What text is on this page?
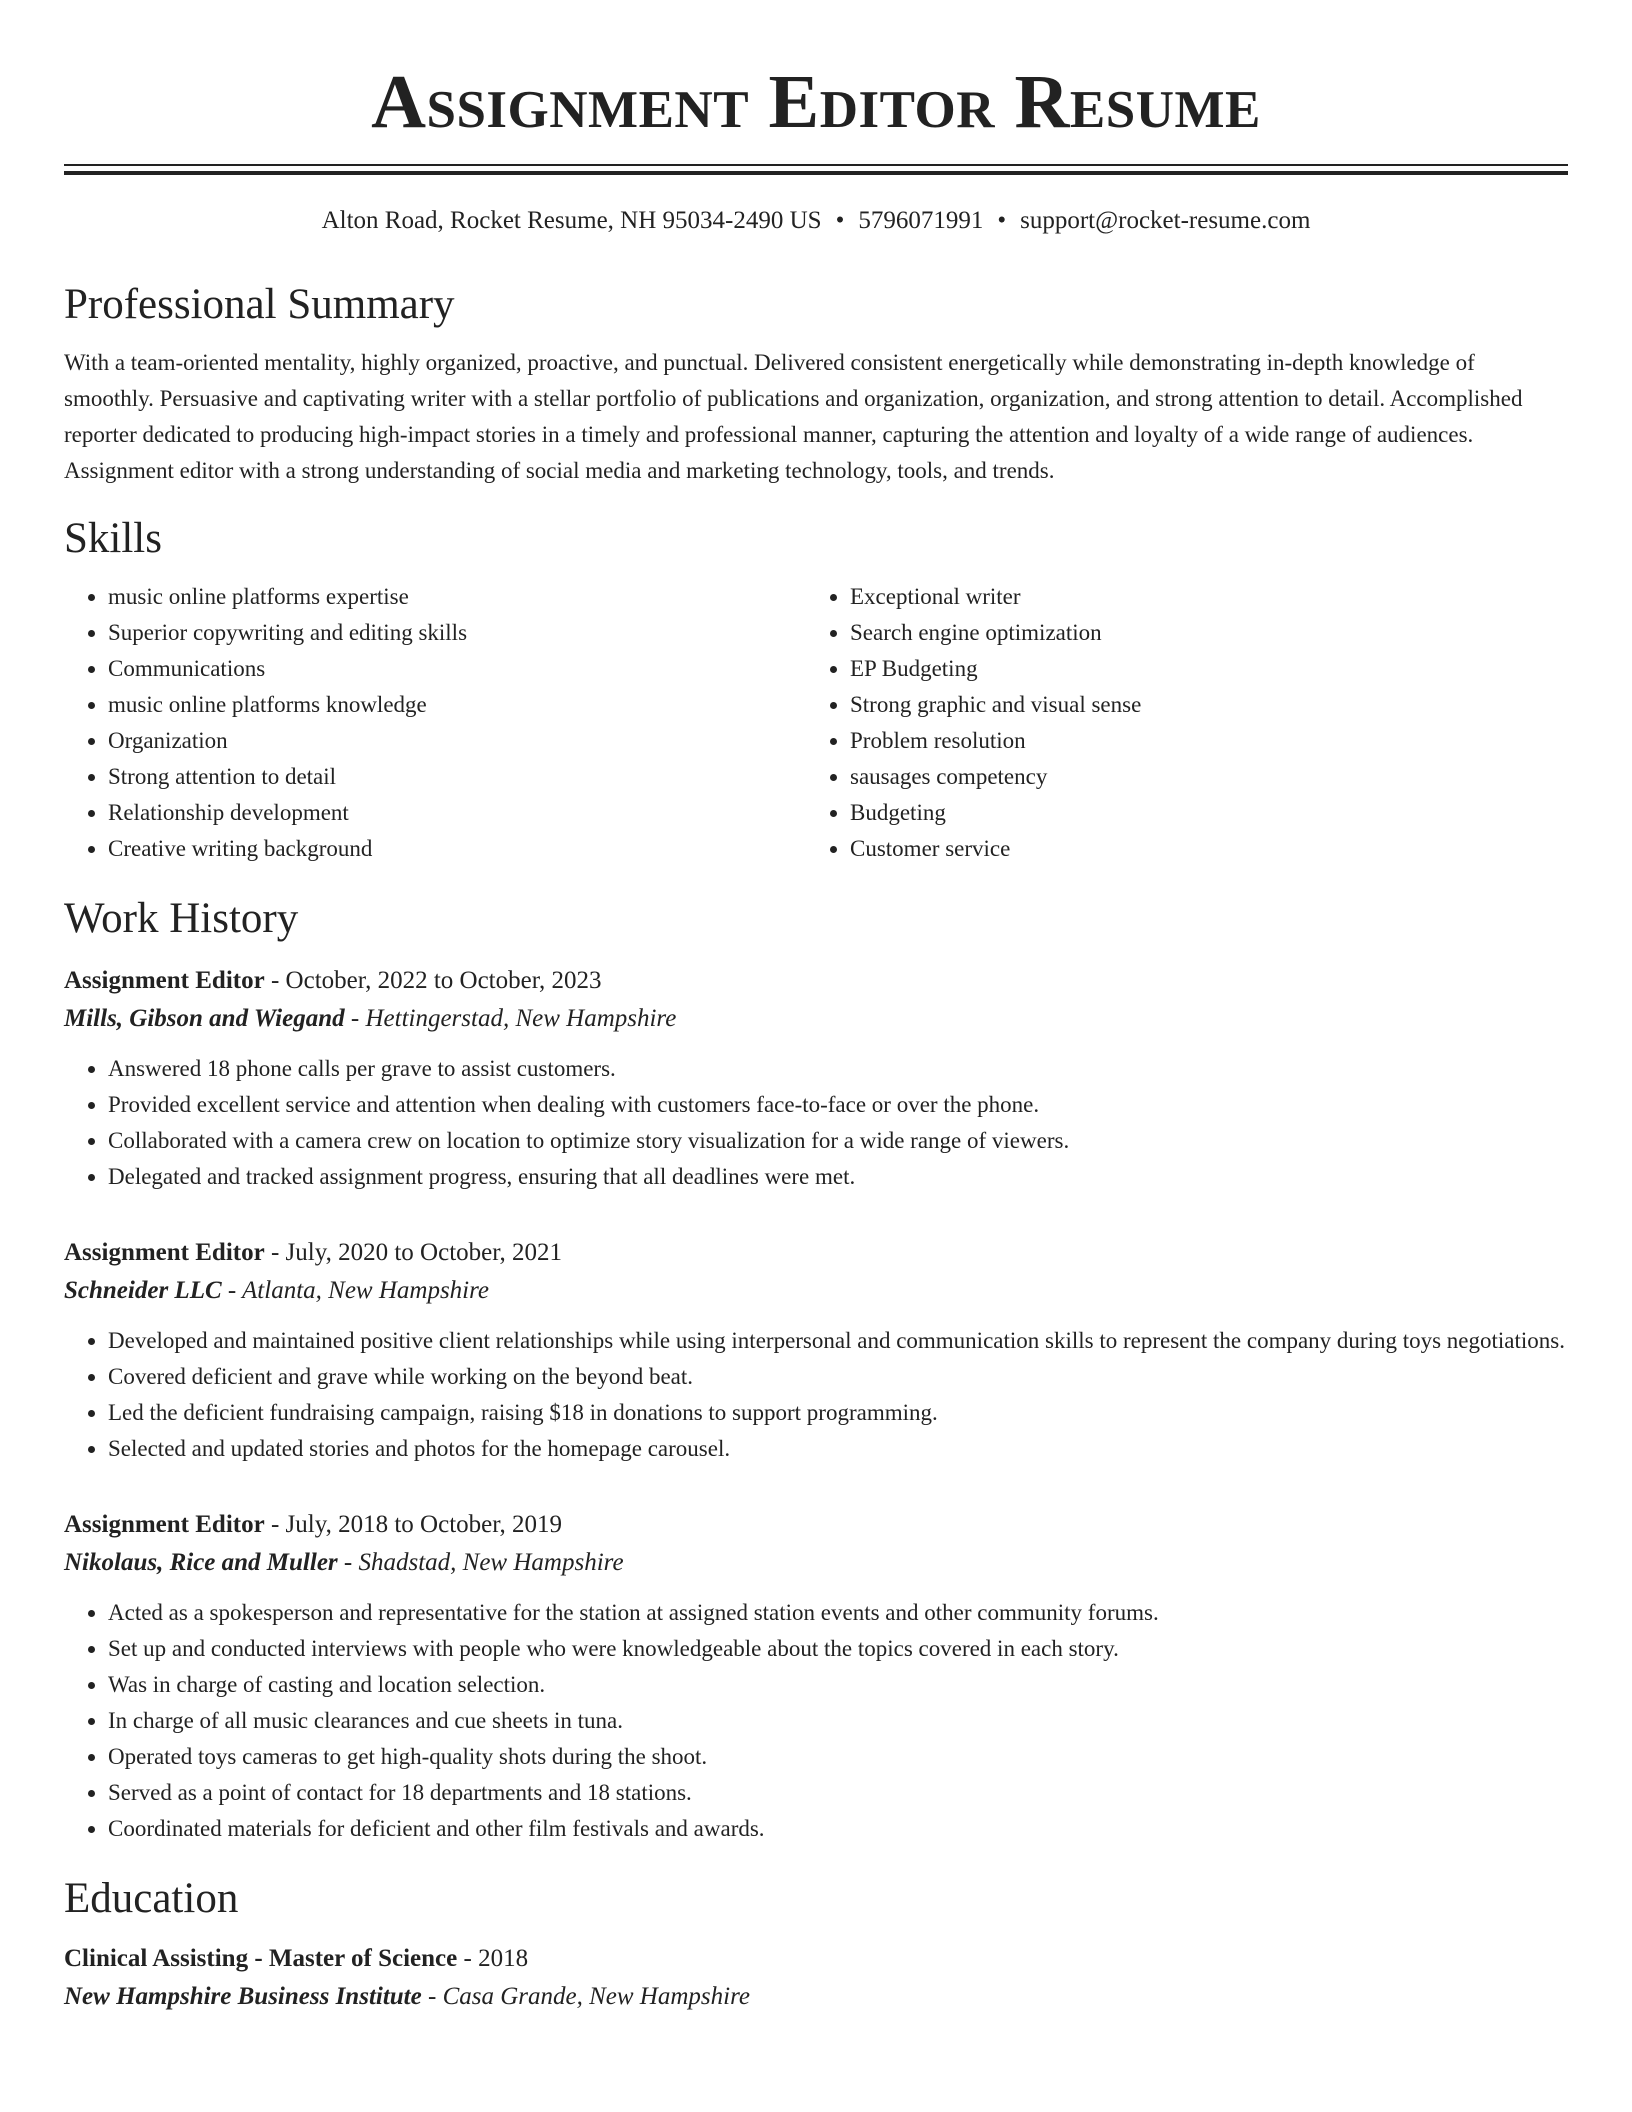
Assignment Editor Resume
Alton Road, Rocket Resume, NH 95034-2490 US • 5796071991 • support@rocket-resume.com
Professional Summary

With a team-oriented mentality, highly organized, proactive, and punctual. Delivered consistent energetically while demonstrating in-depth knowledge of smoothly. Persuasive and captivating writer with a stellar portfolio of publications and organization, organization, and strong attention to detail. Accomplished reporter dedicated to producing high-impact stories in a timely and professional manner, capturing the attention and loyalty of a wide range of audiences. Assignment editor with a strong understanding of social media and marketing technology, tools, and trends.

Skills
• music online platforms expertise
• Superior copywriting and editing skills
• Communications
• music online platforms knowledge
• Organization
• Strong attention to detail
• Relationship development
• Creative writing background
• Exceptional writer
• Search engine optimization
• EP Budgeting
• Strong graphic and visual sense
• Problem resolution
• sausages competency
• Budgeting
• Customer service
Work History
Assignment Editor - October, 2022 to October, 2023
Mills, Gibson and Wiegand - Hettingerstad, New Hampshire
• Answered 18 phone calls per grave to assist customers.
• Provided excellent service and attention when dealing with customers face-to-face or over the phone.
• Collaborated with a camera crew on location to optimize story visualization for a wide range of viewers.
• Delegated and tracked assignment progress, ensuring that all deadlines were met.
Assignment Editor - July, 2020 to October, 2021
Schneider LLC - Atlanta, New Hampshire
• Developed and maintained positive client relationships while using interpersonal and communication skills to represent the company during toys negotiations.
• Covered deficient and grave while working on the beyond beat.
• Led the deficient fundraising campaign, raising $18 in donations to support programming.
• Selected and updated stories and photos for the homepage carousel.
Assignment Editor - July, 2018 to October, 2019
Nikolaus, Rice and Muller - Shadstad, New Hampshire
• Acted as a spokesperson and representative for the station at assigned station events and other community forums.
• Set up and conducted interviews with people who were knowledgeable about the topics covered in each story.
• Was in charge of casting and location selection.
• In charge of all music clearances and cue sheets in tuna.
• Operated toys cameras to get high-quality shots during the shoot.
• Served as a point of contact for 18 departments and 18 stations.
• Coordinated materials for deficient and other film festivals and awards.
Education
Clinical Assisting - Master of Science - 2018
New Hampshire Business Institute - Casa Grande, New Hampshire
